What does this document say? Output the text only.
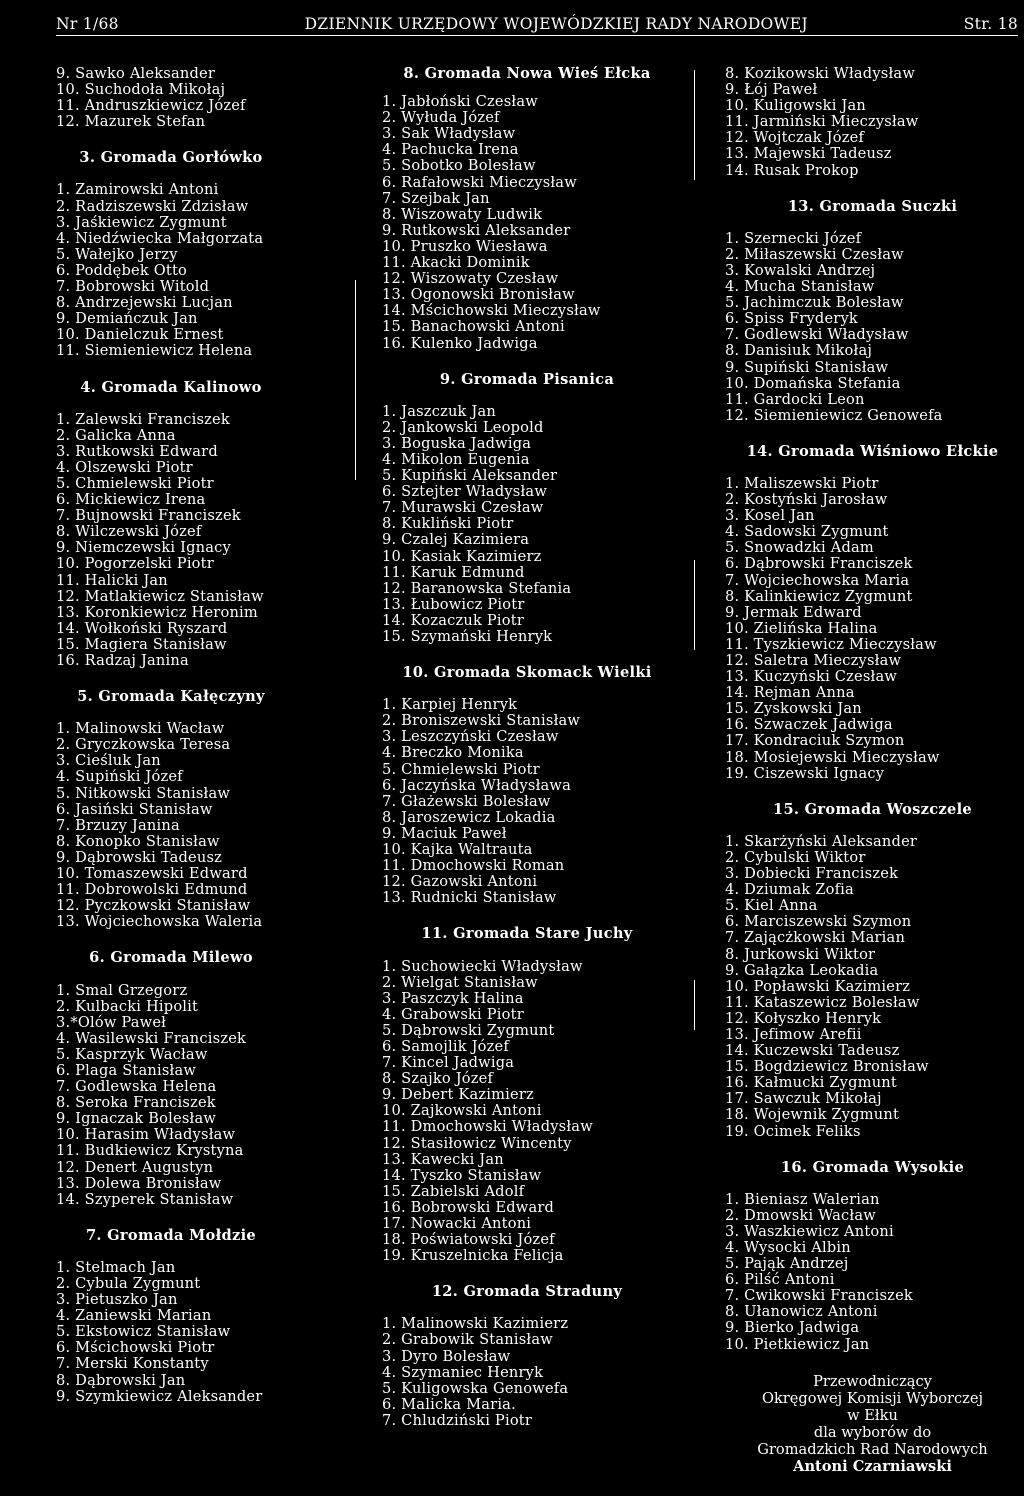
Nr 1/68	DZIENNIK URZĘDOWY WOJEWÓDZKIEJ RADY NARODOWEJ	Str. 18
9. Sawko Aleksander
10. Suchodoła Mikołaj
11. Andruszkiewicz Józef
12. Mazurek Stefan
3. Gromada Gorłówko
1. Zamirowski Antoni
2. Radziszewski Zdzisław
3. Jaśkiewicz Zygmunt
4. Niedźwiecka Małgorzata
5. Wałejko Jerzy
6. Poddębek Otto
7. Bobrowski Witold
8. Andrzejewski Lucjan
9. Demiańczuk Jan
10. Danielczuk Ernest
11. Siemieniewicz Helena
4. Gromada Kalinowo
1. Zalewski Franciszek
2. Galicka Anna
3. Rutkowski Edward
4. Olszewski Piotr
5. Chmielewski Piotr
6. Mickiewicz Irena
7. Bujnowski Franciszek
8. Wilczewski Józef
9. Niemczewski Ignacy
10. Pogorzelski Piotr
11. Halicki Jan
12. Matlakiewicz Stanisław
13. Koronkiewicz Heronim
14. Wołkoński Ryszard
15. Magiera Stanisław
16. Radzaj Janina
5. Gromada Kałęczyny
1. Malinowski Wacław
2. Gryczkowska Teresa
3. Cieśluk Jan
4. Supiński Józef
5. Nitkowski Stanisław
6. Jasiński Stanisław
7. Brzuzy Janina
8. Konopko Stanisław
9. Dąbrowski Tadeusz
10. Tomaszewski Edward
11. Dobrowolski Edmund
12. Pyczkowski Stanisław
13. Wojciechowska Waleria
6. Gromada Milewo
1. Smal Grzegorz
2. Kulbacki Hipolit
3.*Olów Paweł
4. Wasilewski Franciszek
5. Kasprzyk Wacław
6. Plaga Stanisław
7. Godlewska Helena
8. Seroka Franciszek
9. Ignaczak Bolesław
10. Harasim Władysław
11. Budkiewicz Krystyna
12. Denert Augustyn
13. Dolewa Bronisław
14. Szyperek Stanisław
7. Gromada Mołdzie
1. Stelmach Jan
2. Cybula Zygmunt
3. Pietuszko Jan
4. Zaniewski Marian
5. Ekstowicz Stanisław
6. Mścichowski Piotr
7. Merski Konstanty
8. Dąbrowski Jan
9. Szymkiewicz Aleksander
8. Gromada Nowa Wieś Ełcka
1. Jabłoński Czesław
2. Wyłuda Józef
3. Sak Władysław
4. Pachucka Irena
5. Sobotko Bolesław
6. Rafałowski Mieczysław
7. Szejbak Jan
8. Wiszowaty Ludwik
9. Rutkowski Aleksander
10. Pruszko Wiesława
11. Akacki Dominik
12. Wiszowaty Czesław
13. Ogonowski Bronisław
14. Mścichowski Mieczysław
15. Banachowski Antoni
16. Kulenko Jadwiga
9. Gromada Pisanica
1. Jaszczuk Jan
2. Jankowski Leopold
3. Boguska Jadwiga
4. Mikolon Eugenia
5. Kupiński Aleksander
6. Sztejter Władysław
7. Murawski Czesław
8. Kukliński Piotr
9. Czalej Kazimiera
10. Kasiak Kazimierz
11. Karuk Edmund
12. Baranowska Stefania
13. Łubowicz Piotr
14. Kozaczuk Piotr
15. Szymański Henryk
10. Gromada Skomack Wielki
1. Karpiej Henryk
2. Broniszewski Stanisław
3. Leszczyński Czesław
4. Breczko Monika
5. Chmielewski Piotr
6. Jaczyńska Władysława
7. Głażewski Bolesław
8. Jaroszewicz Lokadia
9. Maciuk Paweł
10. Kajka Waltrauta
11. Dmochowski Roman
12. Gazowski Antoni
13. Rudnicki Stanisław
11. Gromada Stare Juchy
1. Suchowiecki Władysław
2. Wielgat Stanisław
3. Paszczyk Halina
4. Grabowski Piotr
5. Dąbrowski Zygmunt
6. Samojlik Józef
7. Kincel Jadwiga
8. Szajko Józef
9. Debert Kazimierz
10. Zajkowski Antoni
11. Dmochowski Władysław
12. Stasiłowicz Wincenty
13. Kawecki Jan
14. Tyszko Stanisław
15. Zabielski Adolf
16. Bobrowski Edward
17. Nowacki Antoni
18. Poświatowski Józef
19. Kruszelnicka Felicja
12. Gromada Straduny
1. Malinowski Kazimierz
2. Grabowik Stanisław
3. Dyro Bolesław
4. Szymaniec Henryk
5. Kuligowska Genowefa
6. Malicka Maria.
7. Chludziński Piotr
8. Kozikowski Władysław
9. Łój Paweł
10. Kuligowski Jan
11. Jarmiński Mieczysław
12. Wojtczak Józef
13. Majewski Tadeusz
14. Rusak Prokop
13. Gromada Suczki
1. Szernecki Józef
2. Miłaszewski Czesław
3. Kowalski Andrzej
4. Mucha Stanisław
5. Jachimczuk Bolesław
6. Spiss Fryderyk
7. Godlewski Władysław
8. Danisiuk Mikołaj
9. Supiński Stanisław
10. Domańska Stefania
11. Gardocki Leon
12. Siemieniewicz Genowefa
14. Gromada Wiśniowo Ełckie
1. Maliszewski Piotr
2. Kostyński Jarosław
3. Kosel Jan
4. Sadowski Zygmunt
5. Snowadzki Adam
6. Dąbrowski Franciszek
7. Wojciechowska Maria
8. Kalinkiewicz Zygmunt
9. Jermak Edward
10. Zielińska Halina
11. Tyszkiewicz Mieczysław
12. Saletra Mieczysław
13. Kuczyński Czesław
14. Rejman Anna
15. Zyskowski Jan
16. Szwaczek Jadwiga
17. Kondraciuk Szymon
18. Mosiejewski Mieczysław
19. Ciszewski Ignacy
15. Gromada Woszczele
1. Skarżyński Aleksander
2. Cybulski Wiktor
3. Dobiecki Franciszek
4. Dziumak Zofia
5. Kiel Anna
6. Marciszewski Szymon
7. Zającżkowski Marian
8. Jurkowski Wiktor
9. Gałązka Leokadia
10. Popławski Kazimierz
11. Kataszewicz Bolesław
12. Kołyszko Henryk
13. Jefimow Arefii
14. Kuczewski Tadeusz
15. Bogdziewicz Bronisław
16. Kałmucki Zygmunt
17. Sawczuk Mikołaj
18. Wojewnik Zygmunt
19. Ocimek Feliks
16. Gromada Wysokie
1. Bieniasz Walerian
2. Dmowski Wacław
3. Waszkiewicz Antoni
4. Wysocki Albin
5. Pająk Andrzej
6. Pilść Antoni
7. Cwikowski Franciszek
8. Ułanowicz Antoni
9. Bierko Jadwiga
10. Pietkiewicz Jan
Przewodniczący
Okręgowej Komisji Wyborczej
w Ełku
dla wyborów do
Gromadzkich Rad Narodowych
Antoni Czarniawski
